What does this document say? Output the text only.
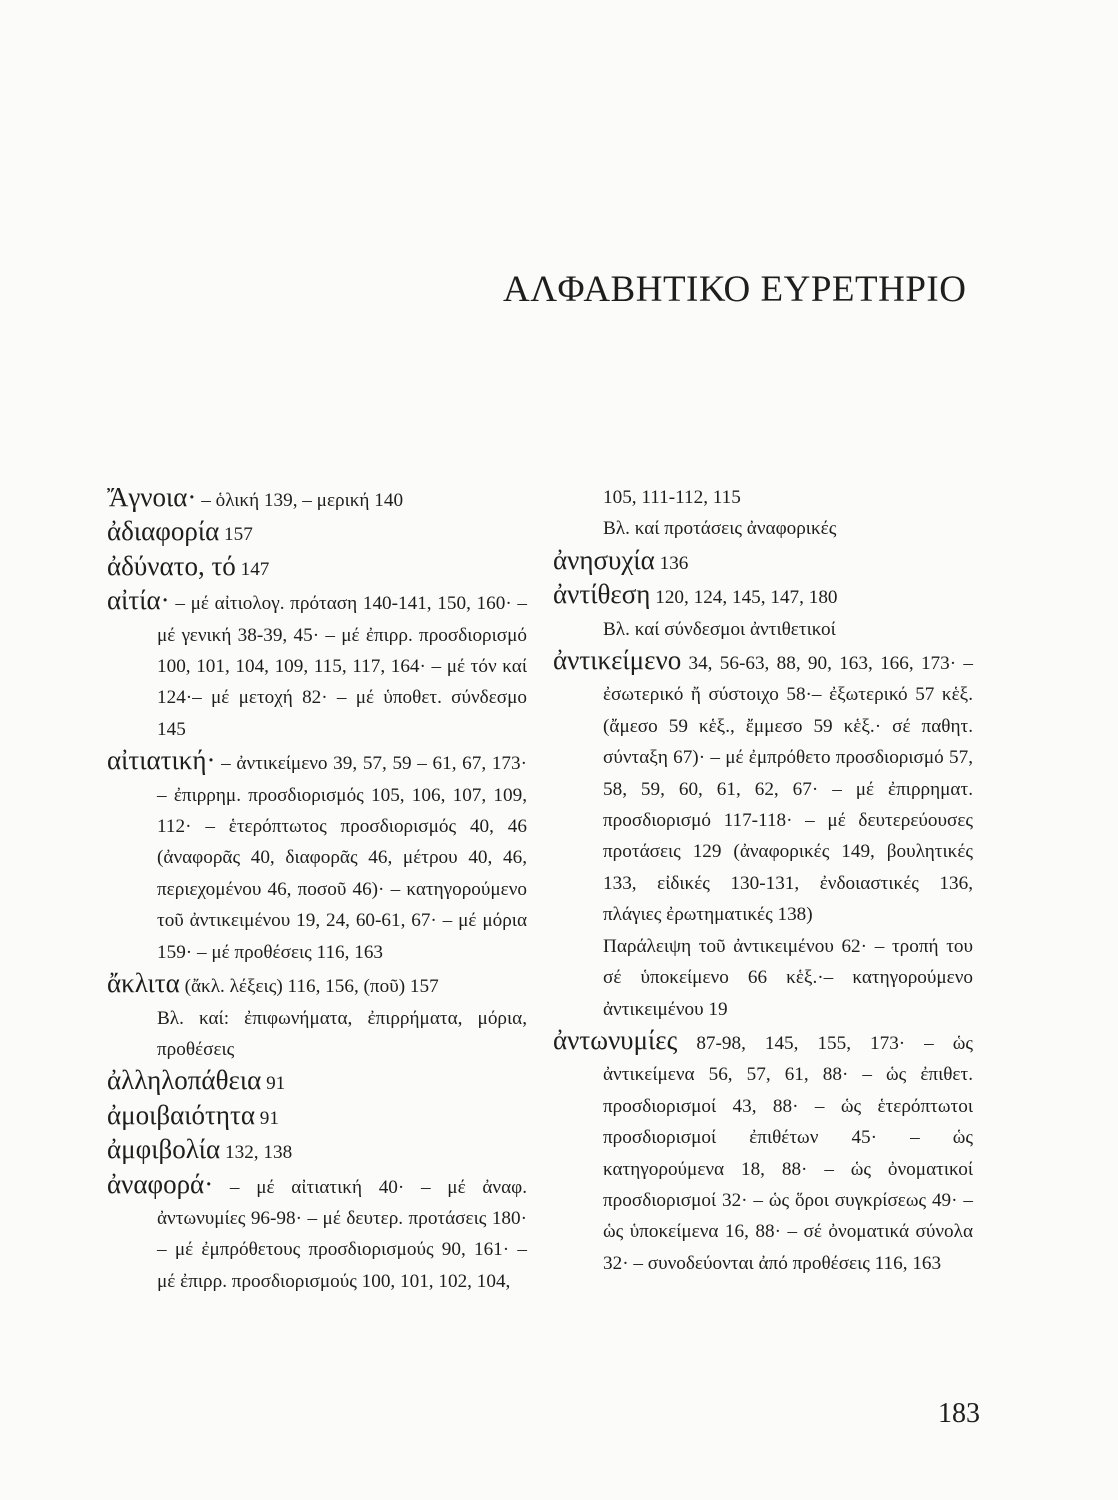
ΑΛΦΑΒΗΤΙΚΟ ΕΥΡΕΤΗΡΙΟ
Ἄγνοια· – ὁλική 139, – μερική 140
ἀδιαφορία 157
ἀδύνατο, τό 147
αἰτία· – μέ αἰτιολογ. πρόταση 140-141, 150, 160· – μέ γενική 38-39, 45· – μέ ἐπιρρ. προσδιορισμό 100, 101, 104, 109, 115, 117, 164· – μέ τόν καί 124·– μέ μετοχή 82· – μέ ὑποθετ. σύνδεσμο 145
αἰτιατική· – ἀντικείμενο 39, 57, 59 – 61, 67, 173· – ἐπιρρημ. προσδιορισμός 105, 106, 107, 109, 112· – ἑτερόπτωτος προσδιορισμός 40, 46 (ἀναφορᾶς 40, διαφορᾶς 46, μέτρου 40, 46, περιεχομένου 46, ποσοῦ 46)· – κατηγορούμενο τοῦ ἀντικειμένου 19, 24, 60-61, 67· – μέ μόρια 159· – μέ προθέσεις 116, 163
ἄκλιτα (ἄκλ. λέξεις) 116, 156, (ποῦ) 157
Βλ. καί: ἐπιφωνήματα, ἐπιρρήματα, μόρια, προθέσεις
ἀλληλοπάθεια 91
ἀμοιβαιότητα 91
ἀμφιβολία 132, 138
ἀναφορά· – μέ αἰτιατική 40· – μέ ἀναφ. ἀντωνυμίες 96-98· – μέ δευτερ. προτάσεις 180· – μέ ἐμπρόθετους προσδιορισμούς 90, 161· – μέ ἐπιρρ. προσδιορισμούς 100, 101, 102, 104,
105, 111-112, 115
Βλ. καί προτάσεις ἀναφορικές
ἀνησυχία 136
ἀντίθεση 120, 124, 145, 147, 180
Βλ. καί σύνδεσμοι ἀντιθετικοί
ἀντικείμενο 34, 56-63, 88, 90, 163, 166, 173· – ἐσωτερικό ἤ σύστοιχο 58·– ἐξωτερικό 57 κἑξ. (ἄμεσο 59 κἑξ., ἔμμεσο 59 κἑξ.· σέ παθητ. σύνταξη 67)· – μέ ἐμπρόθετο προσδιορισμό 57, 58, 59, 60, 61, 62, 67· – μέ ἐπιρρηματ. προσδιορισμό 117-118· – μέ δευτερεύουσες προτάσεις 129 (ἀναφορικές 149, βουλητικές 133, εἰδικές 130-131, ἐνδοιαστικές 136, πλάγιες ἐρωτηματικές 138)
Παράλειψη τοῦ ἀντικειμένου 62· – τροπή του σέ ὑποκείμενο 66 κἑξ.·– κατηγορούμενο ἀντικειμένου 19
ἀντωνυμίες 87-98, 145, 155, 173· – ὡς ἀντικείμενα 56, 57, 61, 88· – ὡς ἐπιθετ. προσδιορισμοί 43, 88· – ὡς ἑτερόπτωτοι προσδιορισμοί ἐπιθέτων 45· – ὡς κατηγορούμενα 18, 88· – ὡς ὀνοματικοί προσδιορισμοί 32· – ὡς ὅροι συγκρίσεως 49· – ὡς ὑποκείμενα 16, 88· – σέ ὀνοματικά σύνολα 32· – συνοδεύονται ἀπό προθέσεις 116, 163
183
